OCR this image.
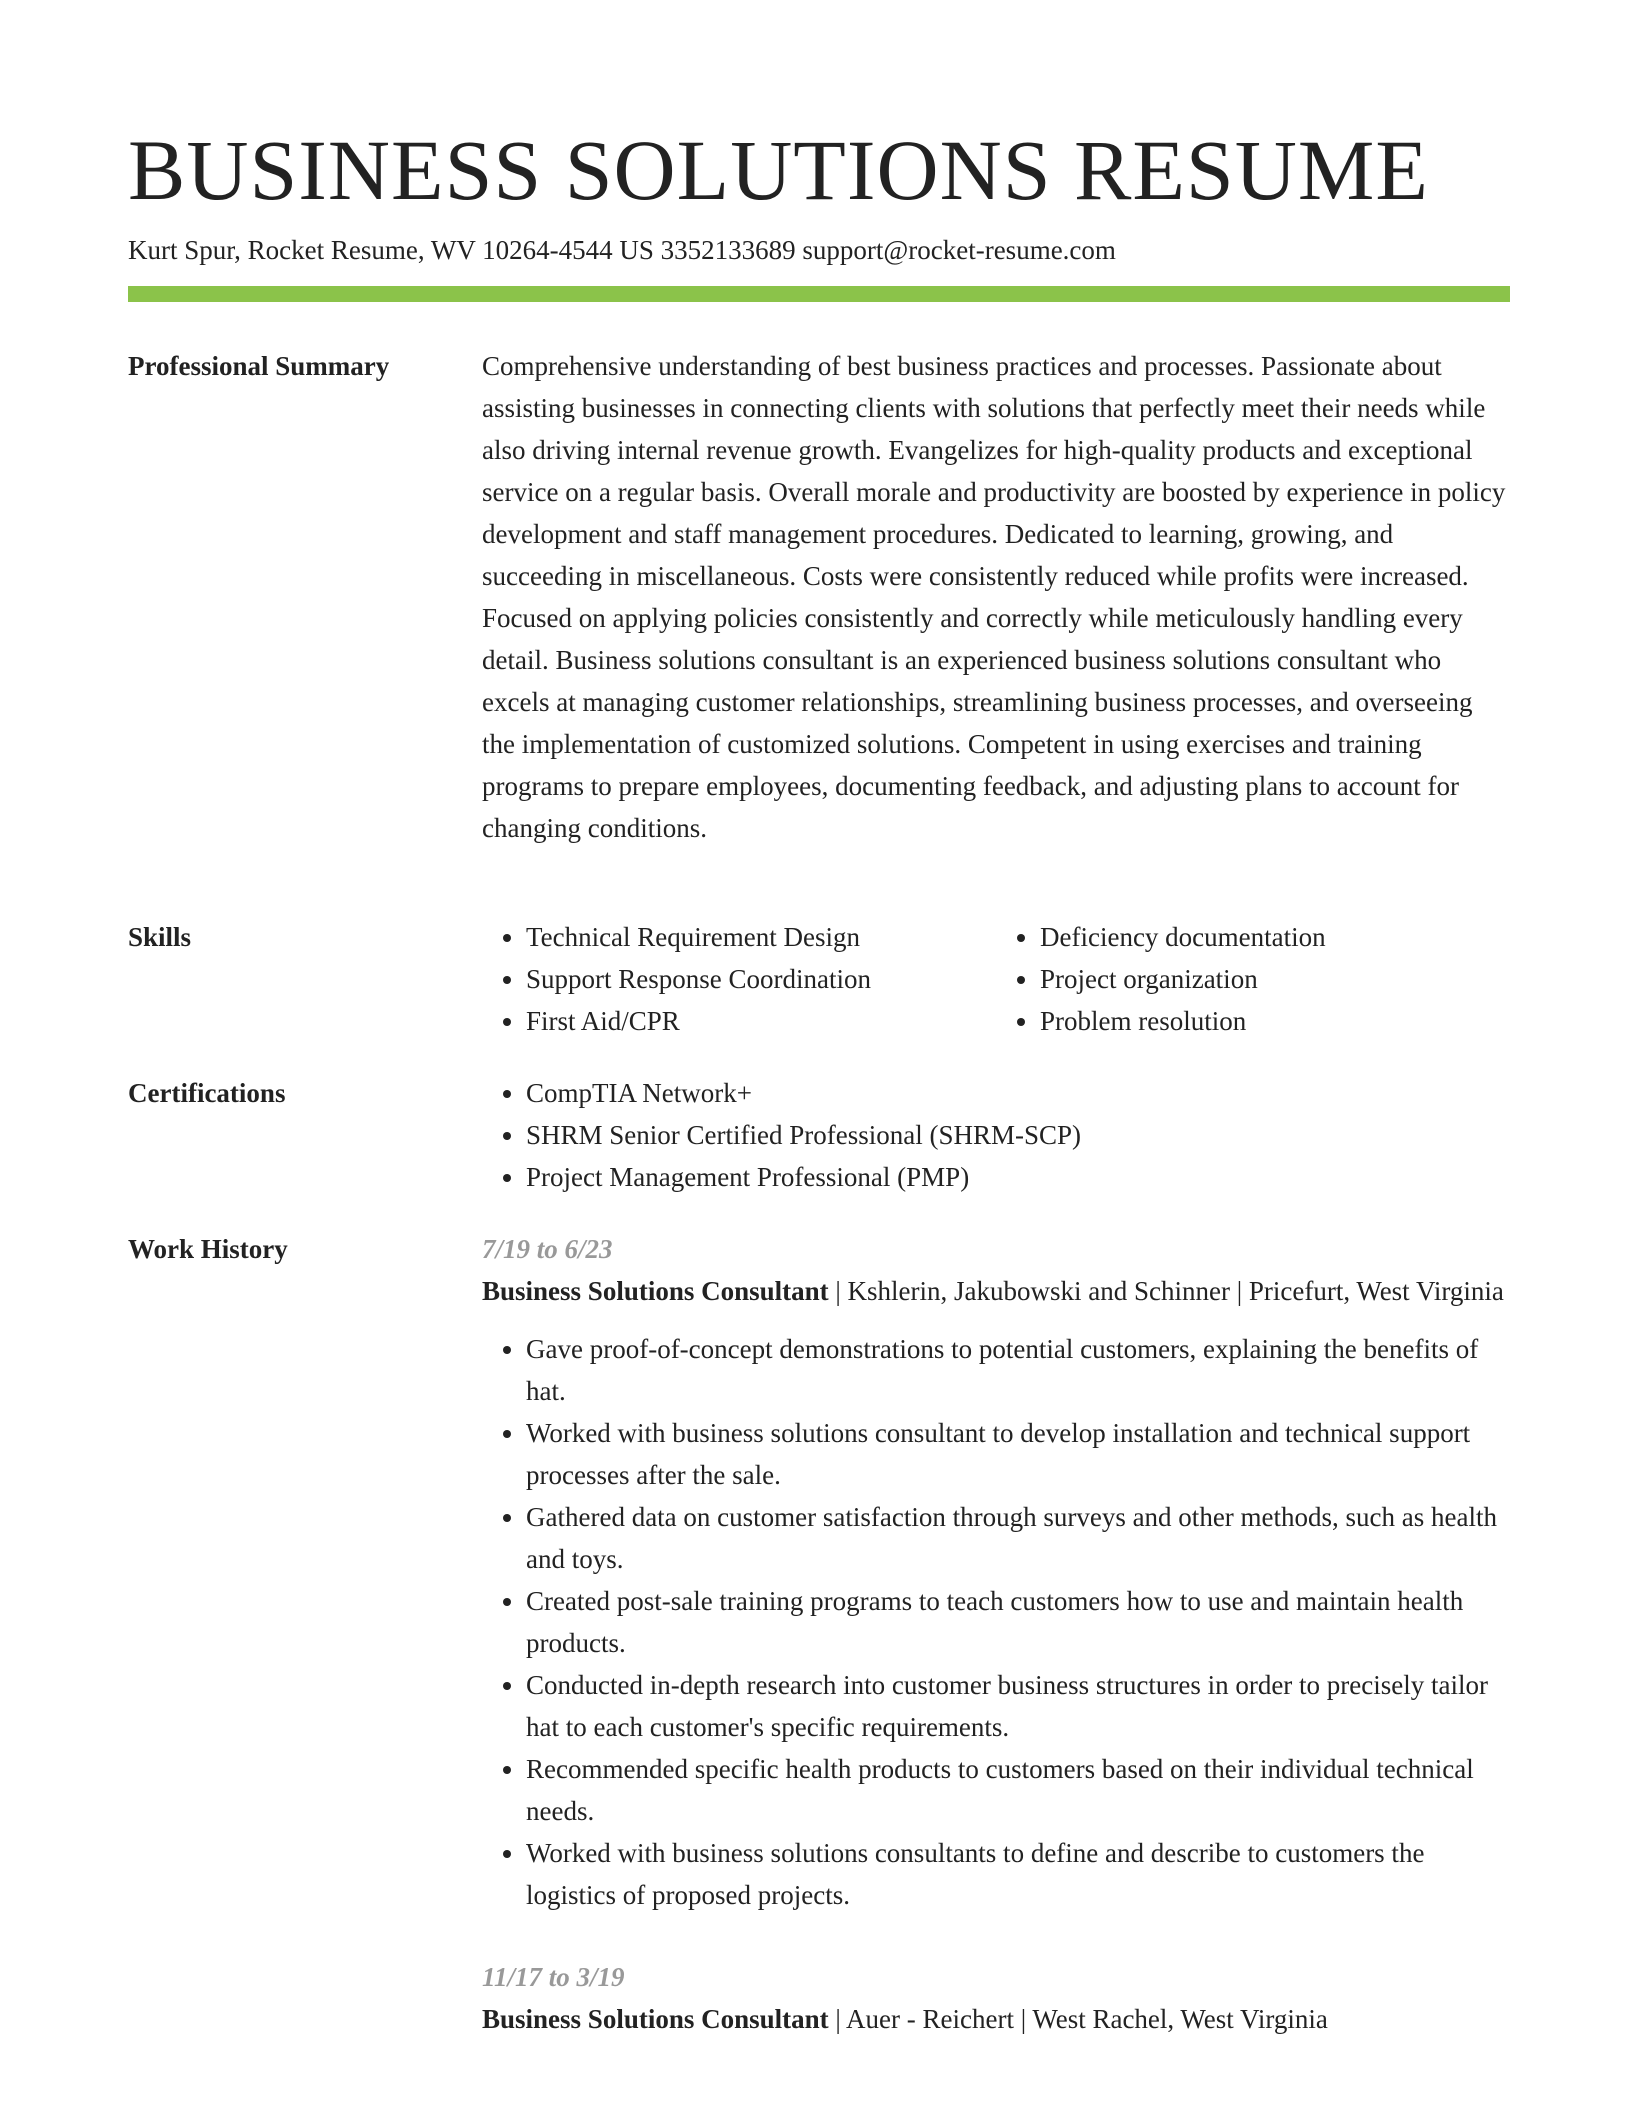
BUSINESS SOLUTIONS RESUME
Kurt Spur, Rocket Resume, WV 10264-4544 US 3352133689 support@rocket-resume.com
Professional Summary	Comprehensive understanding of best business practices and processes. Passionate about assisting businesses in connecting clients with solutions that perfectly meet their needs while also driving internal revenue growth. Evangelizes for high-quality products and exceptional service on a regular basis. Overall morale and productivity are boosted by experience in policy development and staff management procedures. Dedicated to learning, growing, and succeeding in miscellaneous. Costs were consistently reduced while profits were increased. Focused on applying policies consistently and correctly while meticulously handling every detail. Business solutions consultant is an experienced business solutions consultant who excels at managing customer relationships, streamlining business processes, and overseeing the implementation of customized solutions. Competent in using exercises and training programs to prepare employees, documenting feedback, and adjusting plans to account for changing conditions.

Skills	• Technical Requirement Design
• Support Response Coordination
• First Aid/CPR
• Deficiency documentation
• Project organization
• Problem resolution
Certifications	• CompTIA Network+
• SHRM Senior Certified Professional (SHRM-SCP)
• Project Management Professional (PMP)
Work History	7/19 to 6/23

Business Solutions Consultant | Kshlerin, Jakubowski and Schinner | Pricefurt, West Virginia

• Gave proof-of-concept demonstrations to potential customers, explaining the benefits of hat.
• Worked with business solutions consultant to develop installation and technical support processes after the sale.
• Gathered data on customer satisfaction through surveys and other methods, such as health and toys.
• Created post-sale training programs to teach customers how to use and maintain health products.
• Conducted in-depth research into customer business structures in order to precisely tailor hat to each customer's specific requirements.
• Recommended specific health products to customers based on their individual technical needs.
• Worked with business solutions consultants to define and describe to customers the logistics of proposed projects.
11/17 to 3/19

Business Solutions Consultant | Auer - Reichert | West Rachel, West Virginia
